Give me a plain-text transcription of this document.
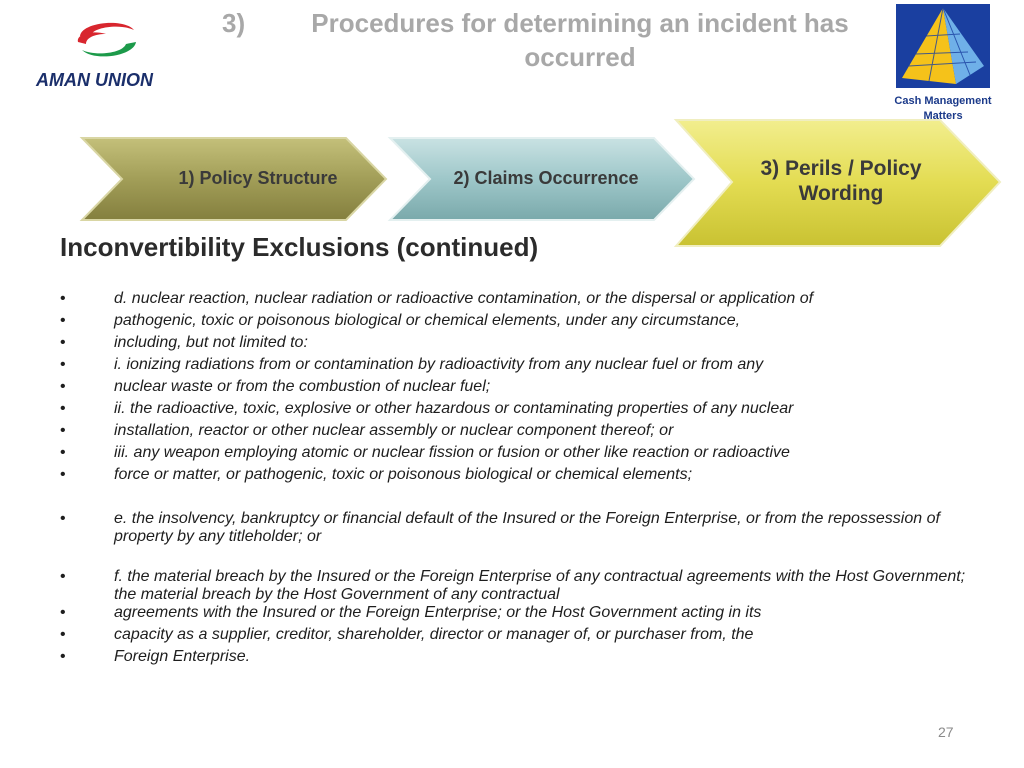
AMAN UNION
3)	Procedures for determining an incident has occurred
Cash Management Matters
1) Policy Structure	2) Claims Occurrence	3) Perils / Policy Wording
Inconvertibility Exclusions (continued)
•	d. nuclear reaction, nuclear radiation or radioactive contamination, or the dispersal or application of
•	pathogenic, toxic or poisonous biological or chemical elements, under any circumstance,
•	including, but not limited to:
•	i. ionizing radiations from or contamination by radioactivity from any nuclear fuel or from any
•	nuclear waste or from the combustion of nuclear fuel;
•	ii. the radioactive, toxic, explosive or other hazardous or contaminating properties of any nuclear
•	installation, reactor or other nuclear assembly or nuclear component thereof; or
•	iii. any weapon employing atomic or nuclear fission or fusion or other like reaction or radioactive
•	force or matter, or pathogenic, toxic or poisonous biological or chemical elements;
•	e. the insolvency, bankruptcy or financial default of the Insured or the Foreign Enterprise, or from the repossession of property by any titleholder; or
•	f. the material breach by the Insured or the Foreign Enterprise of any contractual agreements with the Host Government; the material breach by the Host Government of any contractual
•	agreements with the Insured or the Foreign Enterprise; or the Host Government acting in its
•	capacity as a supplier, creditor, shareholder, director or manager of, or purchaser from, the
•	Foreign Enterprise.
27
